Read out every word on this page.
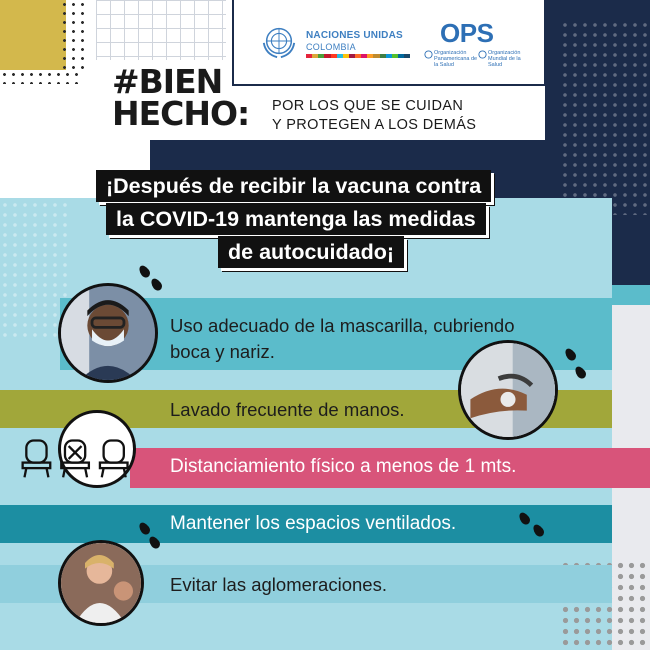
NACIONES UNIDAS
COLOMBIA	OPS
Organización Panamericana de la Salud
Organización Mundial de la Salud
#BIEN
HECHO: POR LOS QUE SE CUIDAN
Y PROTEGEN A LOS DEMÁS
¡Después de recibir la vacuna contra
la COVID-19 mantenga las medidas
de autocuidado¡
Uso adecuado de la mascarilla, cubriendo
boca y nariz.
Lavado frecuente de manos.
Distanciamiento físico a menos de 1 mts.
Mantener los espacios ventilados.
Evitar las aglomeraciones.
